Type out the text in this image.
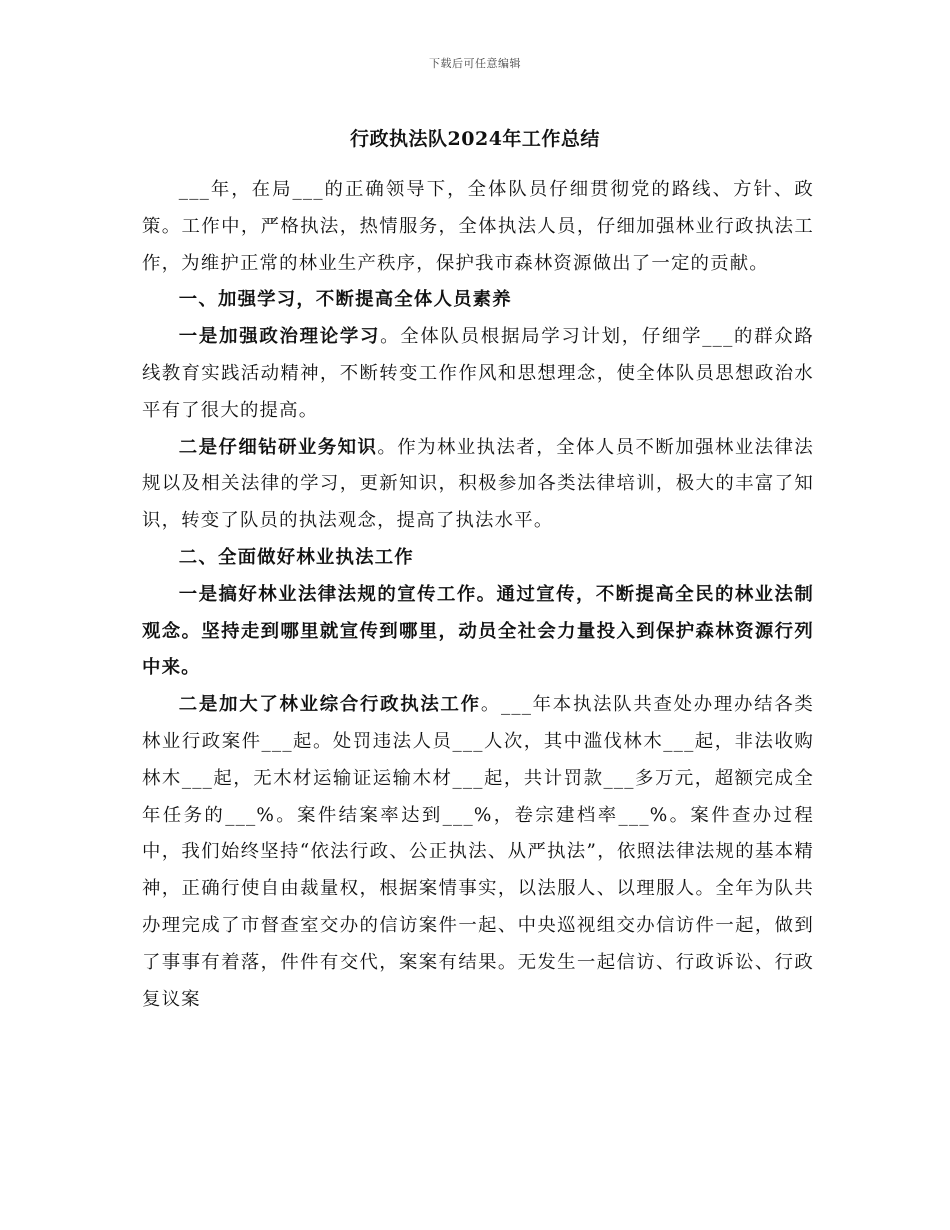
下载后可任意编辑
行政执法队2024年工作总结

___年，在局___的正确领导下，全体队员仔细贯彻党的路线、方针、政策。工作中，严格执法，热情服务，全体执法人员，仔细加强林业行政执法工作，为维护正常的林业生产秩序，保护我市森林资源做出了一定的贡献。

一、加强学习，不断提高全体人员素养

一是加强政治理论学习。全体队员根据局学习计划，仔细学___的群众路线教育实践活动精神，不断转变工作作风和思想理念，使全体队员思想政治水平有了很大的提高。

二是仔细钻研业务知识。作为林业执法者，全体人员不断加强林业法律法规以及相关法律的学习，更新知识，积极参加各类法律培训，极大的丰富了知识，转变了队员的执法观念，提高了执法水平。

二、全面做好林业执法工作

一是搞好林业法律法规的宣传工作。通过宣传，不断提高全民的林业法制观念。坚持走到哪里就宣传到哪里，动员全社会力量投入到保护森林资源行列中来。

二是加大了林业综合行政执法工作。___年本执法队共查处办理办结各类林业行政案件___起。处罚违法人员___人次，其中滥伐林木___起，非法收购林木___起，无木材运输证运输木材___起，共计罚款___多万元，超额完成全年任务的___%。案件结案率达到___%，卷宗建档率___%。案件查办过程中，我们始终坚持“依法行政、公正执法、从严执法”，依照法律法规的基本精神，正确行使自由裁量权，根据案情事实，以法服人、以理服人。全年为队共办理完成了市督查室交办的信访案件一起、中央巡视组交办信访件一起，做到了事事有着落，件件有交代，案案有结果。无发生一起信访、行政诉讼、行政复议案
